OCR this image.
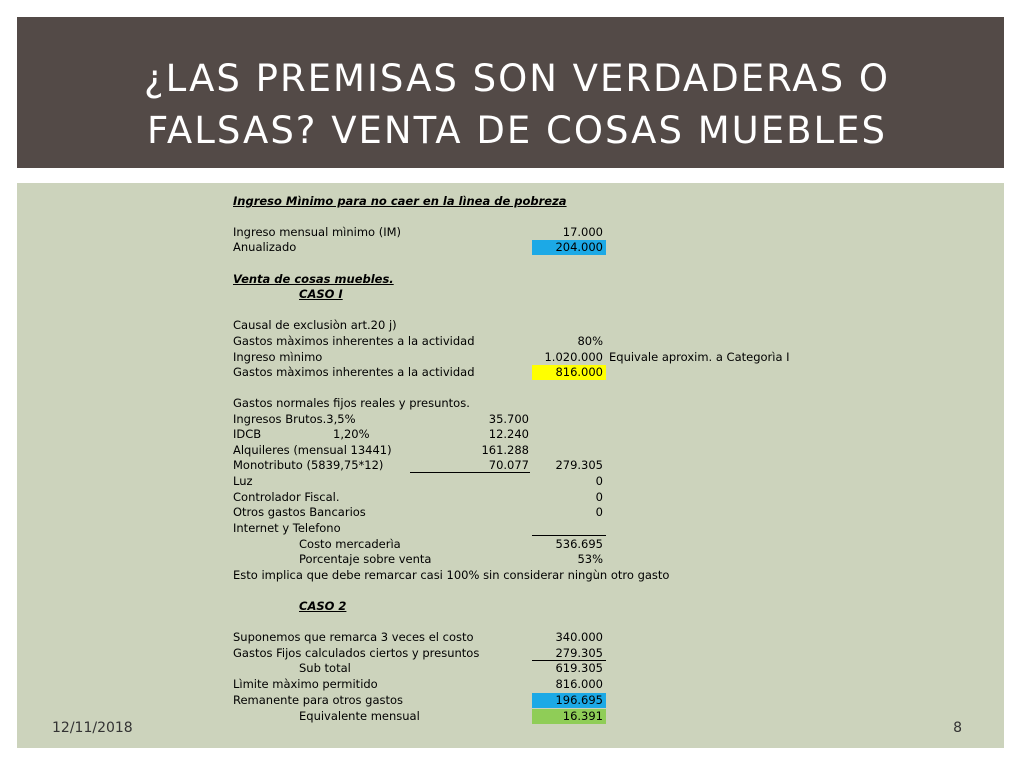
¿LAS PREMISAS SON VERDADERAS O
FALSAS? VENTA DE COSAS MUEBLES
Ingreso Mìnimo para no caer en la lìnea de pobreza
Ingreso mensual mìnimo (IM)	17.000
Anualizado	204.000
Venta de cosas muebles.
CASO I
Causal de exclusiòn art.20 j)
Gastos màximos inherentes a la actividad	80%
Ingreso mìnimo	1.020.000 Equivale aproxim. a Categorìa I
Gastos màximos inherentes a la actividad	816.000
Gastos normales fijos reales y presuntos.
Ingresos Brutos.3,5%	35.700
IDCB	1,20%	12.240
Alquileres (mensual 13441)	161.288
Monotributo (5839,75*12)	70.077	279.305
Luz	0
Controlador Fiscal.	0
Otros gastos Bancarios	0
Internet y Telefono
Costo mercaderìa	536.695
Porcentaje sobre venta	53%
Esto implica que debe remarcar casi 100% sin considerar ningùn otro gasto
CASO 2
Suponemos que remarca 3 veces el costo	340.000
Gastos Fijos calculados ciertos y presuntos	279.305
Sub total	619.305
Lìmite màximo permitido	816.000
Remanente para otros gastos	196.695
Equivalente mensual	16.391
12/11/2018	8
